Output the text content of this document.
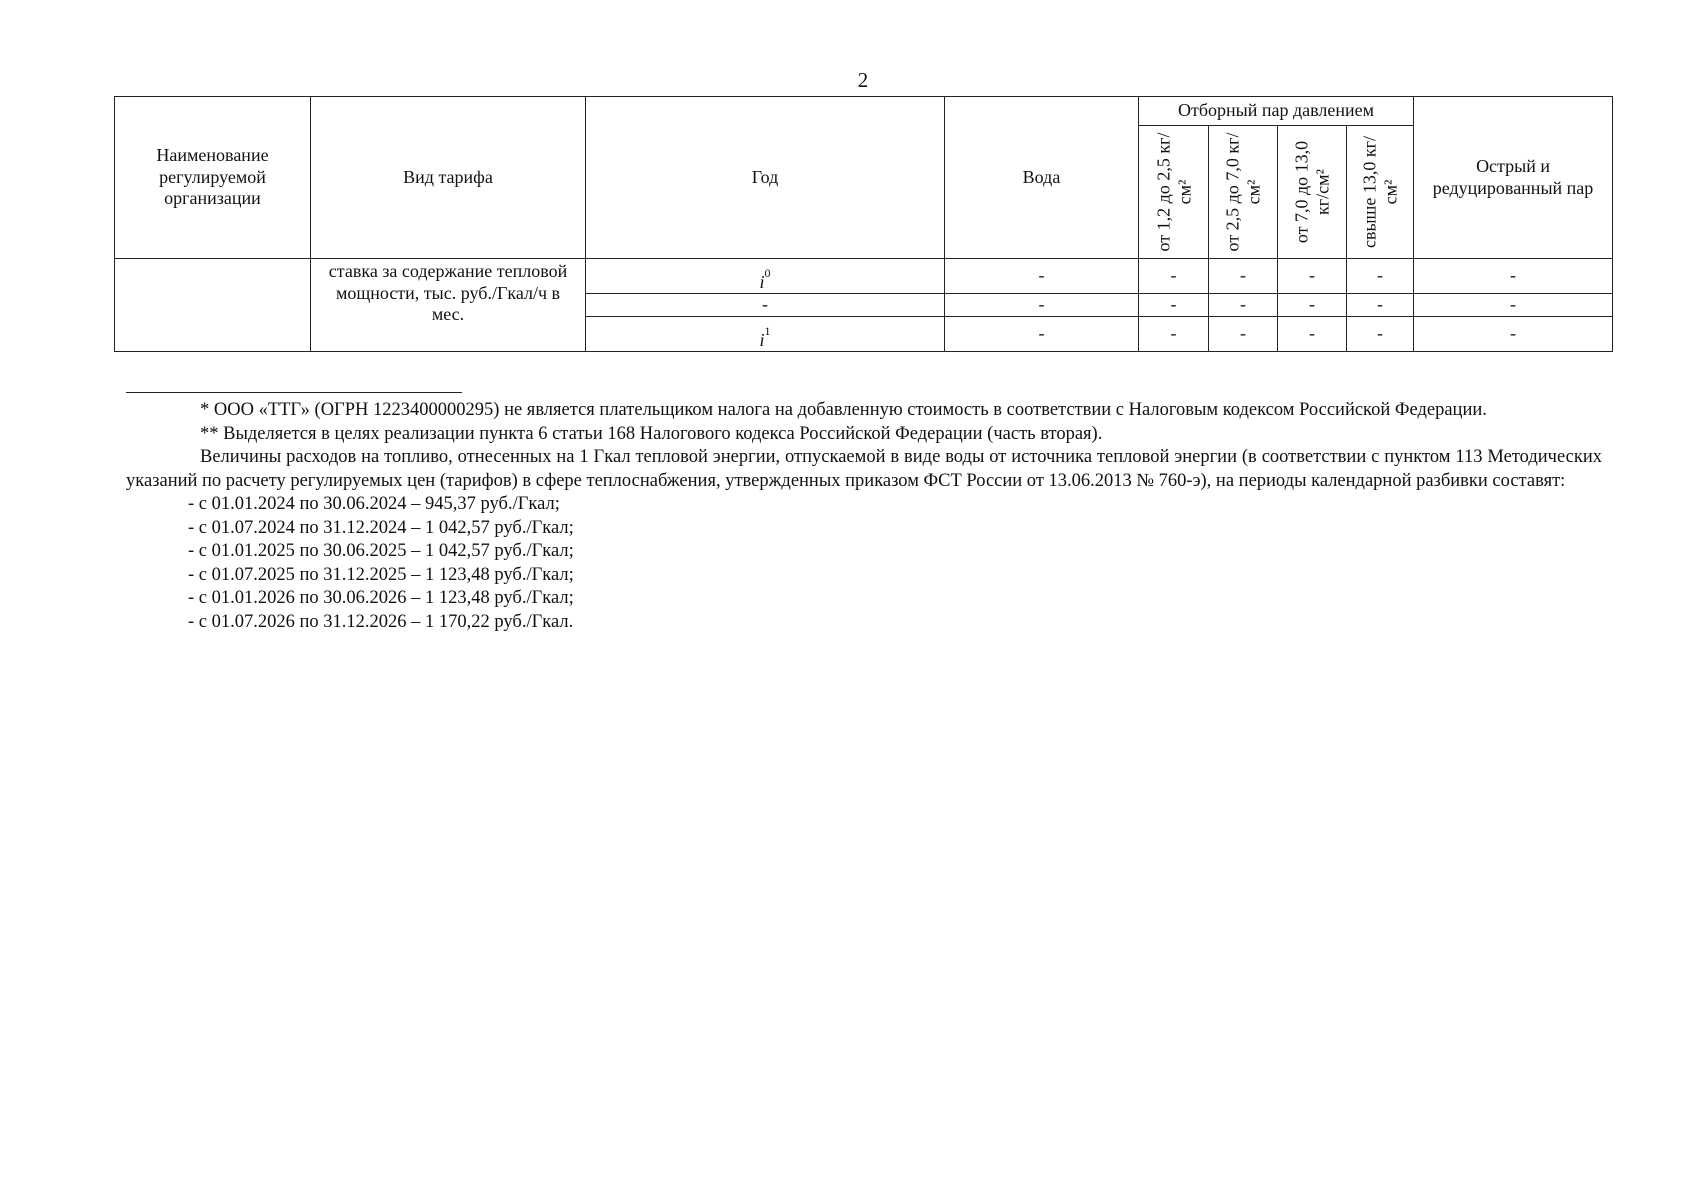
2
Наименование регулируемой организации	Вид тарифа	Год	Вода	Отборный пар давлением				Острый и редуцированный пар

				от 1,2 до 2,5 кг/см²	от 2,5 до 7,0 кг/см²	от 7,0 до 13,0 кг/см²	свыше 13,0 кг/см²	

	ставка за содержание тепловой мощности, тыс. руб./Гкал/ч в мес.	$i^0$	-	-	-	-	-	-
		-	-	-	-	-	-	-
		$i^1$	-	-	-	-	-	-

* ООО «ТТГ» (ОГРН 1223400000295) не является плательщиком налога на добавленную стоимость в соответствии с Налоговым кодексом Российской Федерации.

** Выделяется в целях реализации пункта 6 статьи 168 Налогового кодекса Российской Федерации (часть вторая).

Величины расходов на топливо, отнесенных на 1 Гкал тепловой энергии, отпускаемой в виде воды от источника тепловой энергии (в соответствии с пунктом 113 Методических указаний по расчету регулируемых цен (тарифов) в сфере теплоснабжения, утвержденных приказом ФСТ России от 13.06.2013 № 760-э), на периоды календарной разбивки составят:

- с 01.01.2024 по 30.06.2024 – 945,37 руб./Гкал;
- с 01.07.2024 по 31.12.2024 – 1 042,57 руб./Гкал;
- с 01.01.2025 по 30.06.2025 – 1 042,57 руб./Гкал;
- с 01.07.2025 по 31.12.2025 – 1 123,48 руб./Гкал;
- с 01.01.2026 по 30.06.2026 – 1 123,48 руб./Гкал;
- с 01.07.2026 по 31.12.2026 – 1 170,22 руб./Гкал.
